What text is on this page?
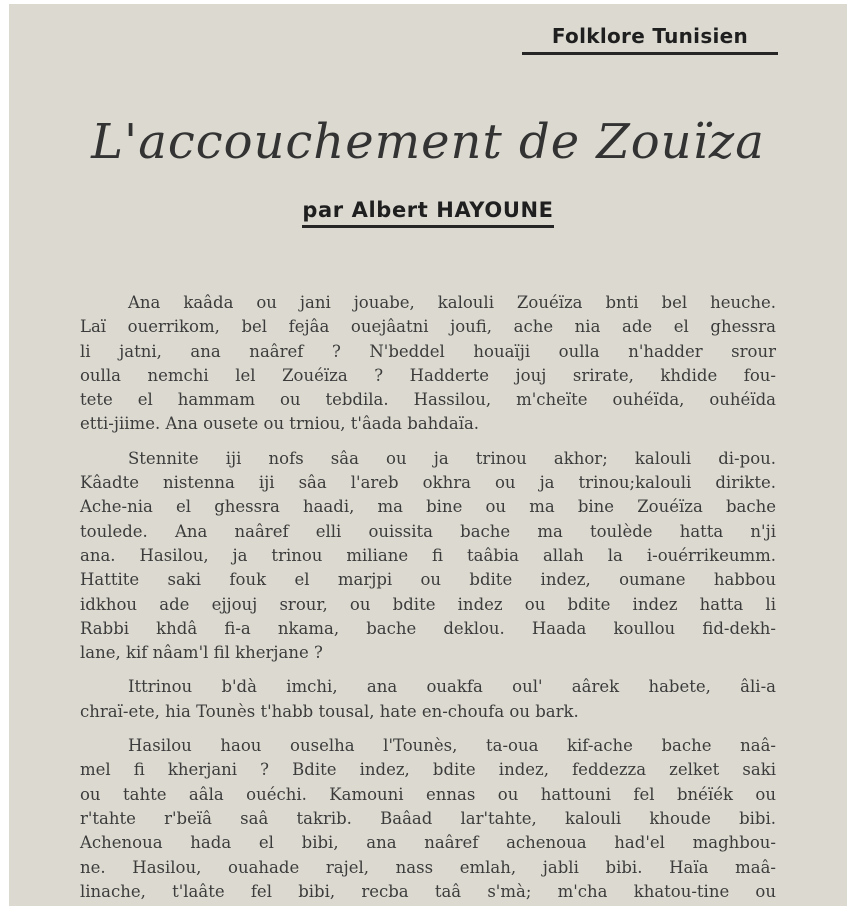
Folklore Tunisien
L'accouchement de Zouïza
par Albert HAYOUNE
Ana kaâda ou jani jouabe, kalouli Zouéïza bnti bel heuche.
Laï ouerrikom, bel fejâa ouejâatni joufi, ache nia ade el ghessra
li jatni, ana naâref ? N'beddel houaïji oulla n'hadder srour
oulla nemchi lel Zouéïza ? Hadderte jouj srirate, khdide fou-
tete el hammam ou tebdila. Hassilou, m'cheïte ouhéïda, ouhéïda
etti-jiime. Ana ousete ou trniou, t'âada bahdaïa.
Stennite iji nofs sâa ou ja trinou akhor; kalouli di-pou.
Kâadte nistenna iji sâa l'areb okhra ou ja trinou;kalouli dirikte.
Ache-nia el ghessra haadi, ma bine ou ma bine Zouéïza bache
toulede. Ana naâref elli ouissita bache ma toulède hatta n'ji
ana. Hasilou, ja trinou miliane fi taâbia allah la i-ouérrikeumm.
Hattite saki fouk el marjpi ou bdite indez, oumane habbou
idkhou ade ejjouj srour, ou bdite indez ou bdite indez hatta li
Rabbi khdâ fi-a nkama, bache deklou. Haada koullou fid-dekh-
lane, kif nâam'l fil kherjane ?
Ittrinou b'dà imchi, ana ouakfa oul' aârek habete, âli-a
chraï-ete, hia Tounès t'habb tousal, hate en-choufa ou bark.
Hasilou haou ouselha l'Tounès, ta-oua kif-ache bache naâ-
mel fi kherjani ? Bdite indez, bdite indez, feddezza zelket saki
ou tahte aâla ouéchi. Kamouni ennas ou hattouni fel bnéïék ou
r'tahte r'beïâ saâ takrib. Baâad lar'tahte, kalouli khoude bibi.
Achenoua hada el bibi, ana naâref achenoua had'el maghbou-
ne. Hasilou, ouahade rajel, nass emlah, jabli bibi. Haïa maâ-
linache, t'laâte fel bibi, recba taâ s'mà; m'cha khatou-tine ou
